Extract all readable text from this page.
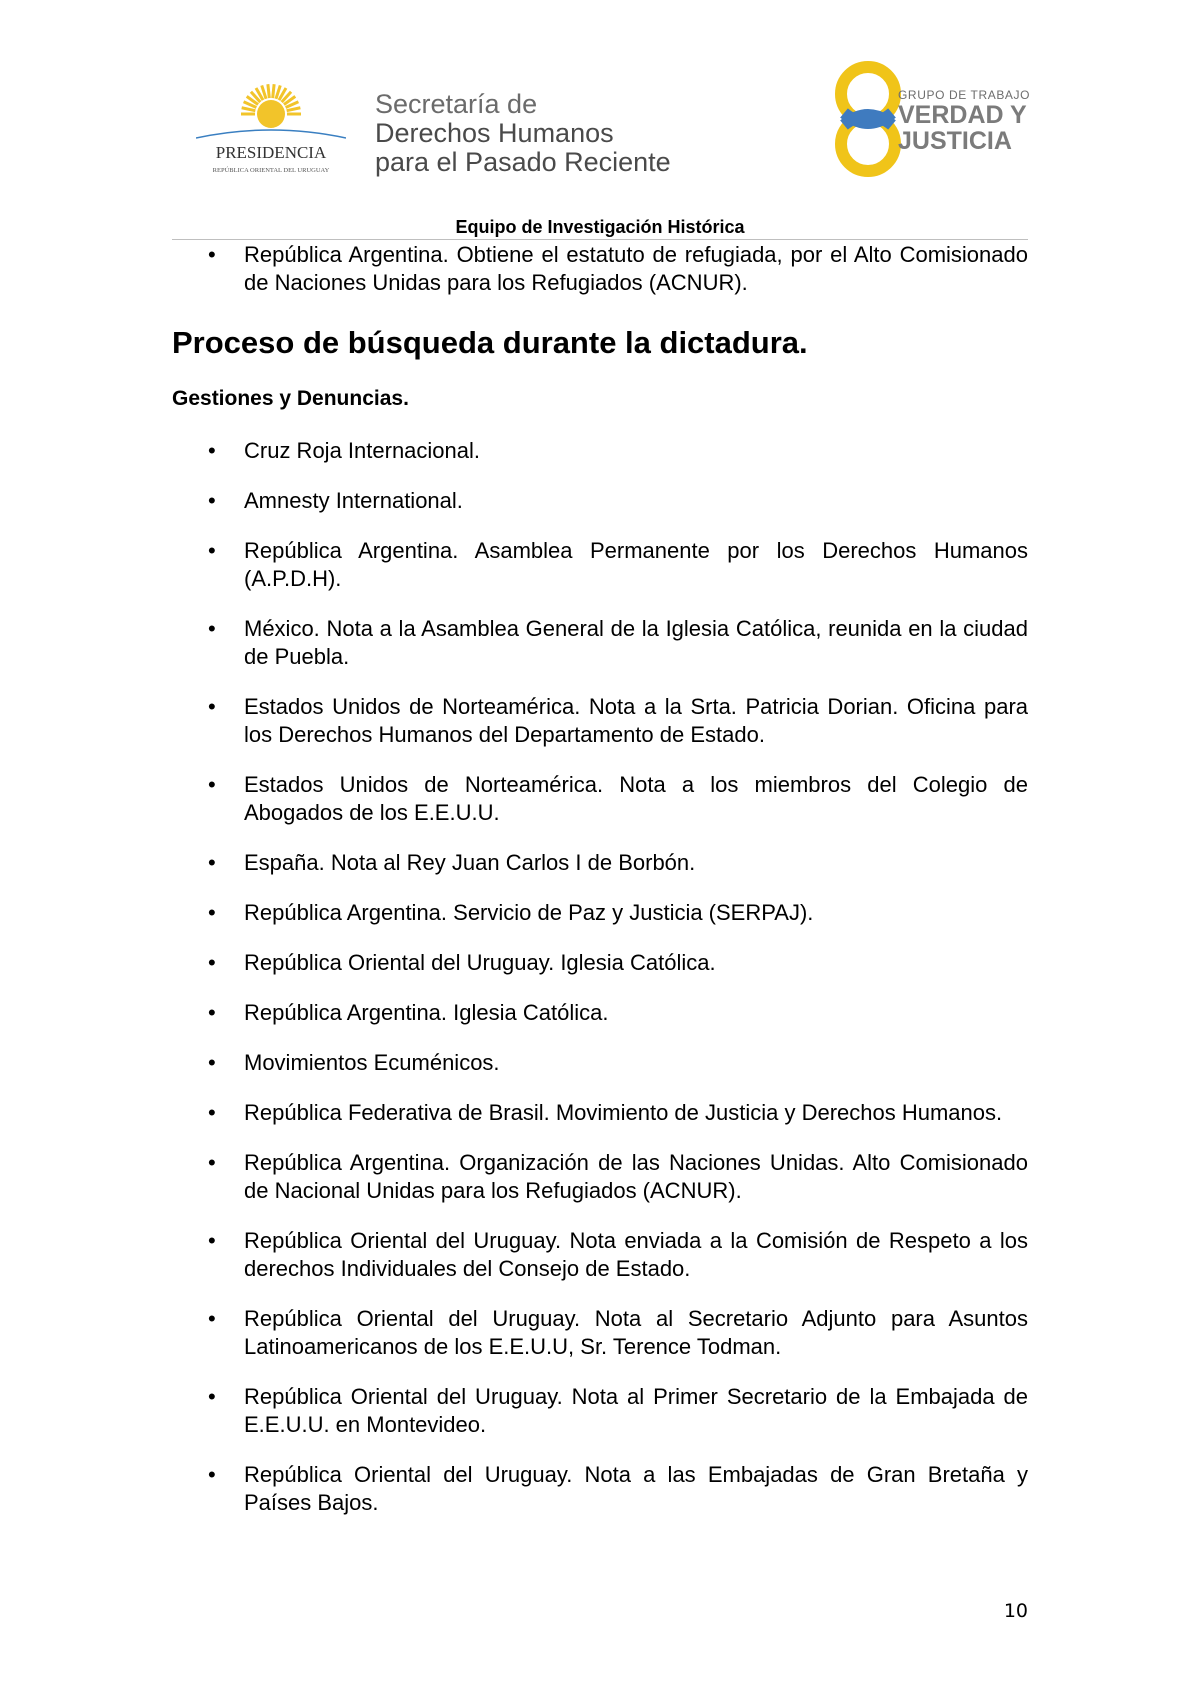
PRESIDENCIA
REPÚBLICA ORIENTAL DEL URUGUAY
Secretaría de
Derechos Humanos
para el Pasado Reciente
GRUPO DE TRABAJO
VERDAD Y
JUSTICIA
Equipo de Investigación Histórica
• República Argentina. Obtiene el estatuto de refugiada, por el Alto Comisionado de Naciones Unidas para los Refugiados (ACNUR).
Proceso de búsqueda durante la dictadura.
Gestiones y Denuncias.
• Cruz Roja Internacional.
• Amnesty International.
• República Argentina. Asamblea Permanente por los Derechos Humanos (A.P.D.H).
• México. Nota a la Asamblea General de la Iglesia Católica, reunida en la ciudad de Puebla.
• Estados Unidos de Norteamérica. Nota a la Srta. Patricia Dorian. Oficina para los Derechos Humanos del Departamento de Estado.
• Estados Unidos de Norteamérica. Nota a los miembros del Colegio de Abogados de los E.E.U.U.
• España. Nota al Rey Juan Carlos I de Borbón.
• República Argentina. Servicio de Paz y Justicia (SERPAJ).
• República Oriental del Uruguay. Iglesia Católica.
• República Argentina. Iglesia Católica.
• Movimientos Ecuménicos.
• República Federativa de Brasil. Movimiento de Justicia y Derechos Humanos.
• República Argentina. Organización de las Naciones Unidas. Alto Comisionado de Nacional Unidas para los Refugiados (ACNUR).
• República Oriental del Uruguay. Nota enviada a la Comisión de Respeto a los derechos Individuales del Consejo de Estado.
• República Oriental del Uruguay. Nota al Secretario Adjunto para Asuntos Latinoamericanos de los E.E.U.U, Sr. Terence Todman.
• República Oriental del Uruguay. Nota al Primer Secretario de la Embajada de E.E.U.U. en Montevideo.
• República Oriental del Uruguay. Nota a las Embajadas de Gran Bretaña y Países Bajos.
10
